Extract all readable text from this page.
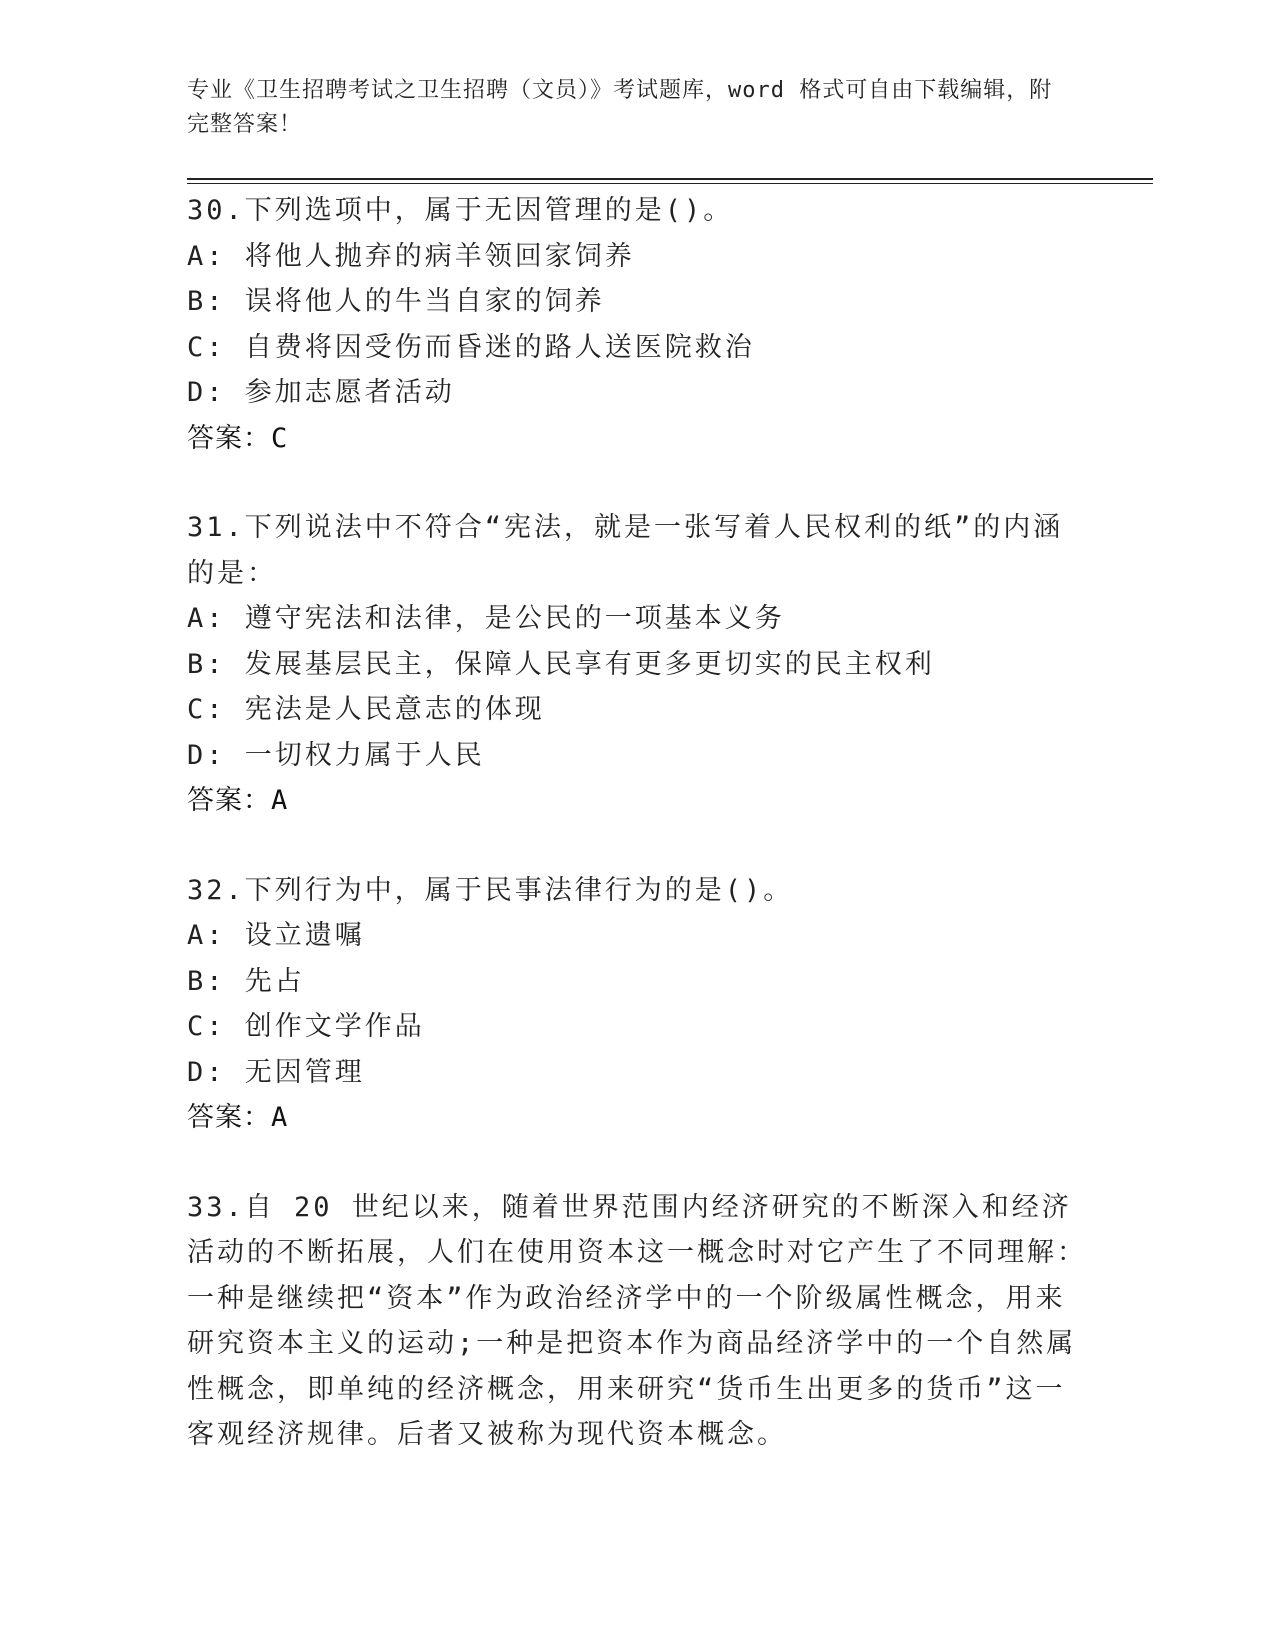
专业《卫生招聘考试之卫生招聘（文员）》考试题库，word 格式可自由下载编辑，附完整答案！
30.下列选项中，属于无因管理的是()。
A: 将他人抛弃的病羊领回家饲养
B: 误将他人的牛当自家的饲养
C: 自费将因受伤而昏迷的路人送医院救治
D: 参加志愿者活动
答案：C
31.下列说法中不符合“宪法，就是一张写着人民权利的纸”的内涵的是：
A: 遵守宪法和法律，是公民的一项基本义务
B: 发展基层民主，保障人民享有更多更切实的民主权利
C: 宪法是人民意志的体现
D: 一切权力属于人民
答案：A
32.下列行为中，属于民事法律行为的是()。
A: 设立遗嘱
B: 先占
C: 创作文学作品
D: 无因管理
答案：A
33.自 20 世纪以来，随着世界范围内经济研究的不断深入和经济活动的不断拓展，人们在使用资本这一概念时对它产生了不同理解：一种是继续把“资本”作为政治经济学中的一个阶级属性概念，用来研究资本主义的运动;一种是把资本作为商品经济学中的一个自然属性概念，即单纯的经济概念，用来研究“货币生出更多的货币”这一客观经济规律。后者又被称为现代资本概念。
